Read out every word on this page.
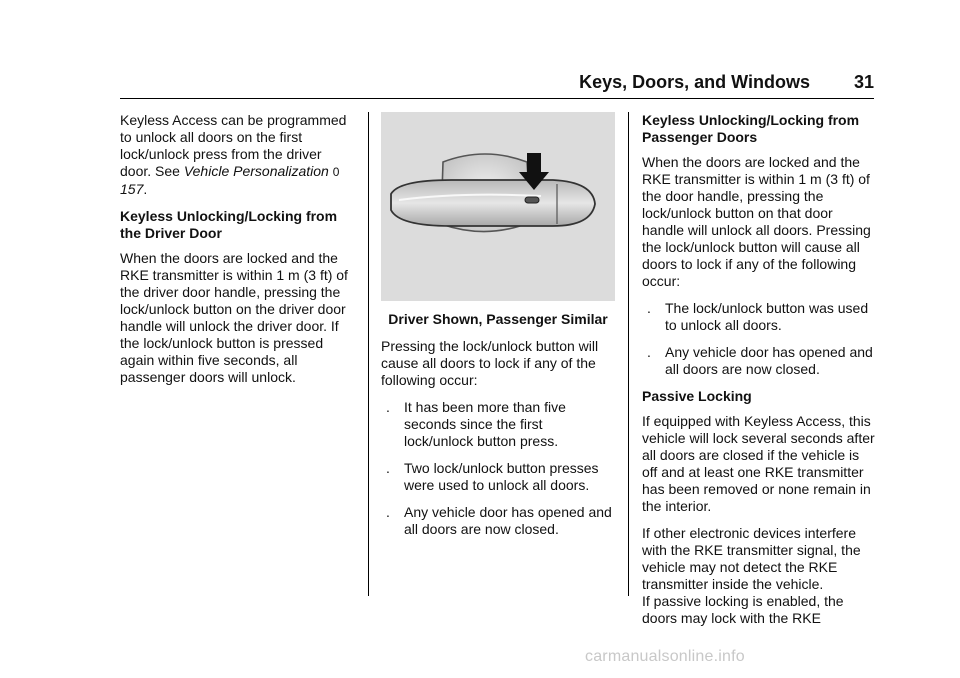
Keys, Doors, and Windows 31

Keyless Access can be programmed to unlock all doors on the first lock/unlock press from the driver door. See Vehicle Personalization 0 157.

Keyless Unlocking/Locking from the Driver Door

When the doors are locked and the RKE transmitter is within 1 m (3 ft) of the driver door handle, pressing the lock/unlock button on the driver door handle will unlock the driver door. If the lock/unlock button is pressed again within five seconds, all passenger doors will unlock.

Driver Shown, Passenger Similar

Pressing the lock/unlock button will cause all doors to lock if any of the following occur:

. It has been more than five seconds since the first lock/unlock button press.
. Two lock/unlock button presses were used to unlock all doors.
. Any vehicle door has opened and all doors are now closed.
Keyless Unlocking/Locking from Passenger Doors

When the doors are locked and the RKE transmitter is within 1 m (3 ft) of the door handle, pressing the lock/unlock button on that door handle will unlock all doors. Pressing the lock/unlock button will cause all doors to lock if any of the following occur:

. The lock/unlock button was used to unlock all doors.
. Any vehicle door has opened and all doors are now closed.
Passive Locking

If equipped with Keyless Access, this vehicle will lock several seconds after all doors are closed if the vehicle is off and at least one RKE transmitter has been removed or none remain in the interior.

If other electronic devices interfere with the RKE transmitter signal, the vehicle may not detect the RKE transmitter inside the vehicle.

If passive locking is enabled, the doors may lock with the RKE

carmanualsonline.info
